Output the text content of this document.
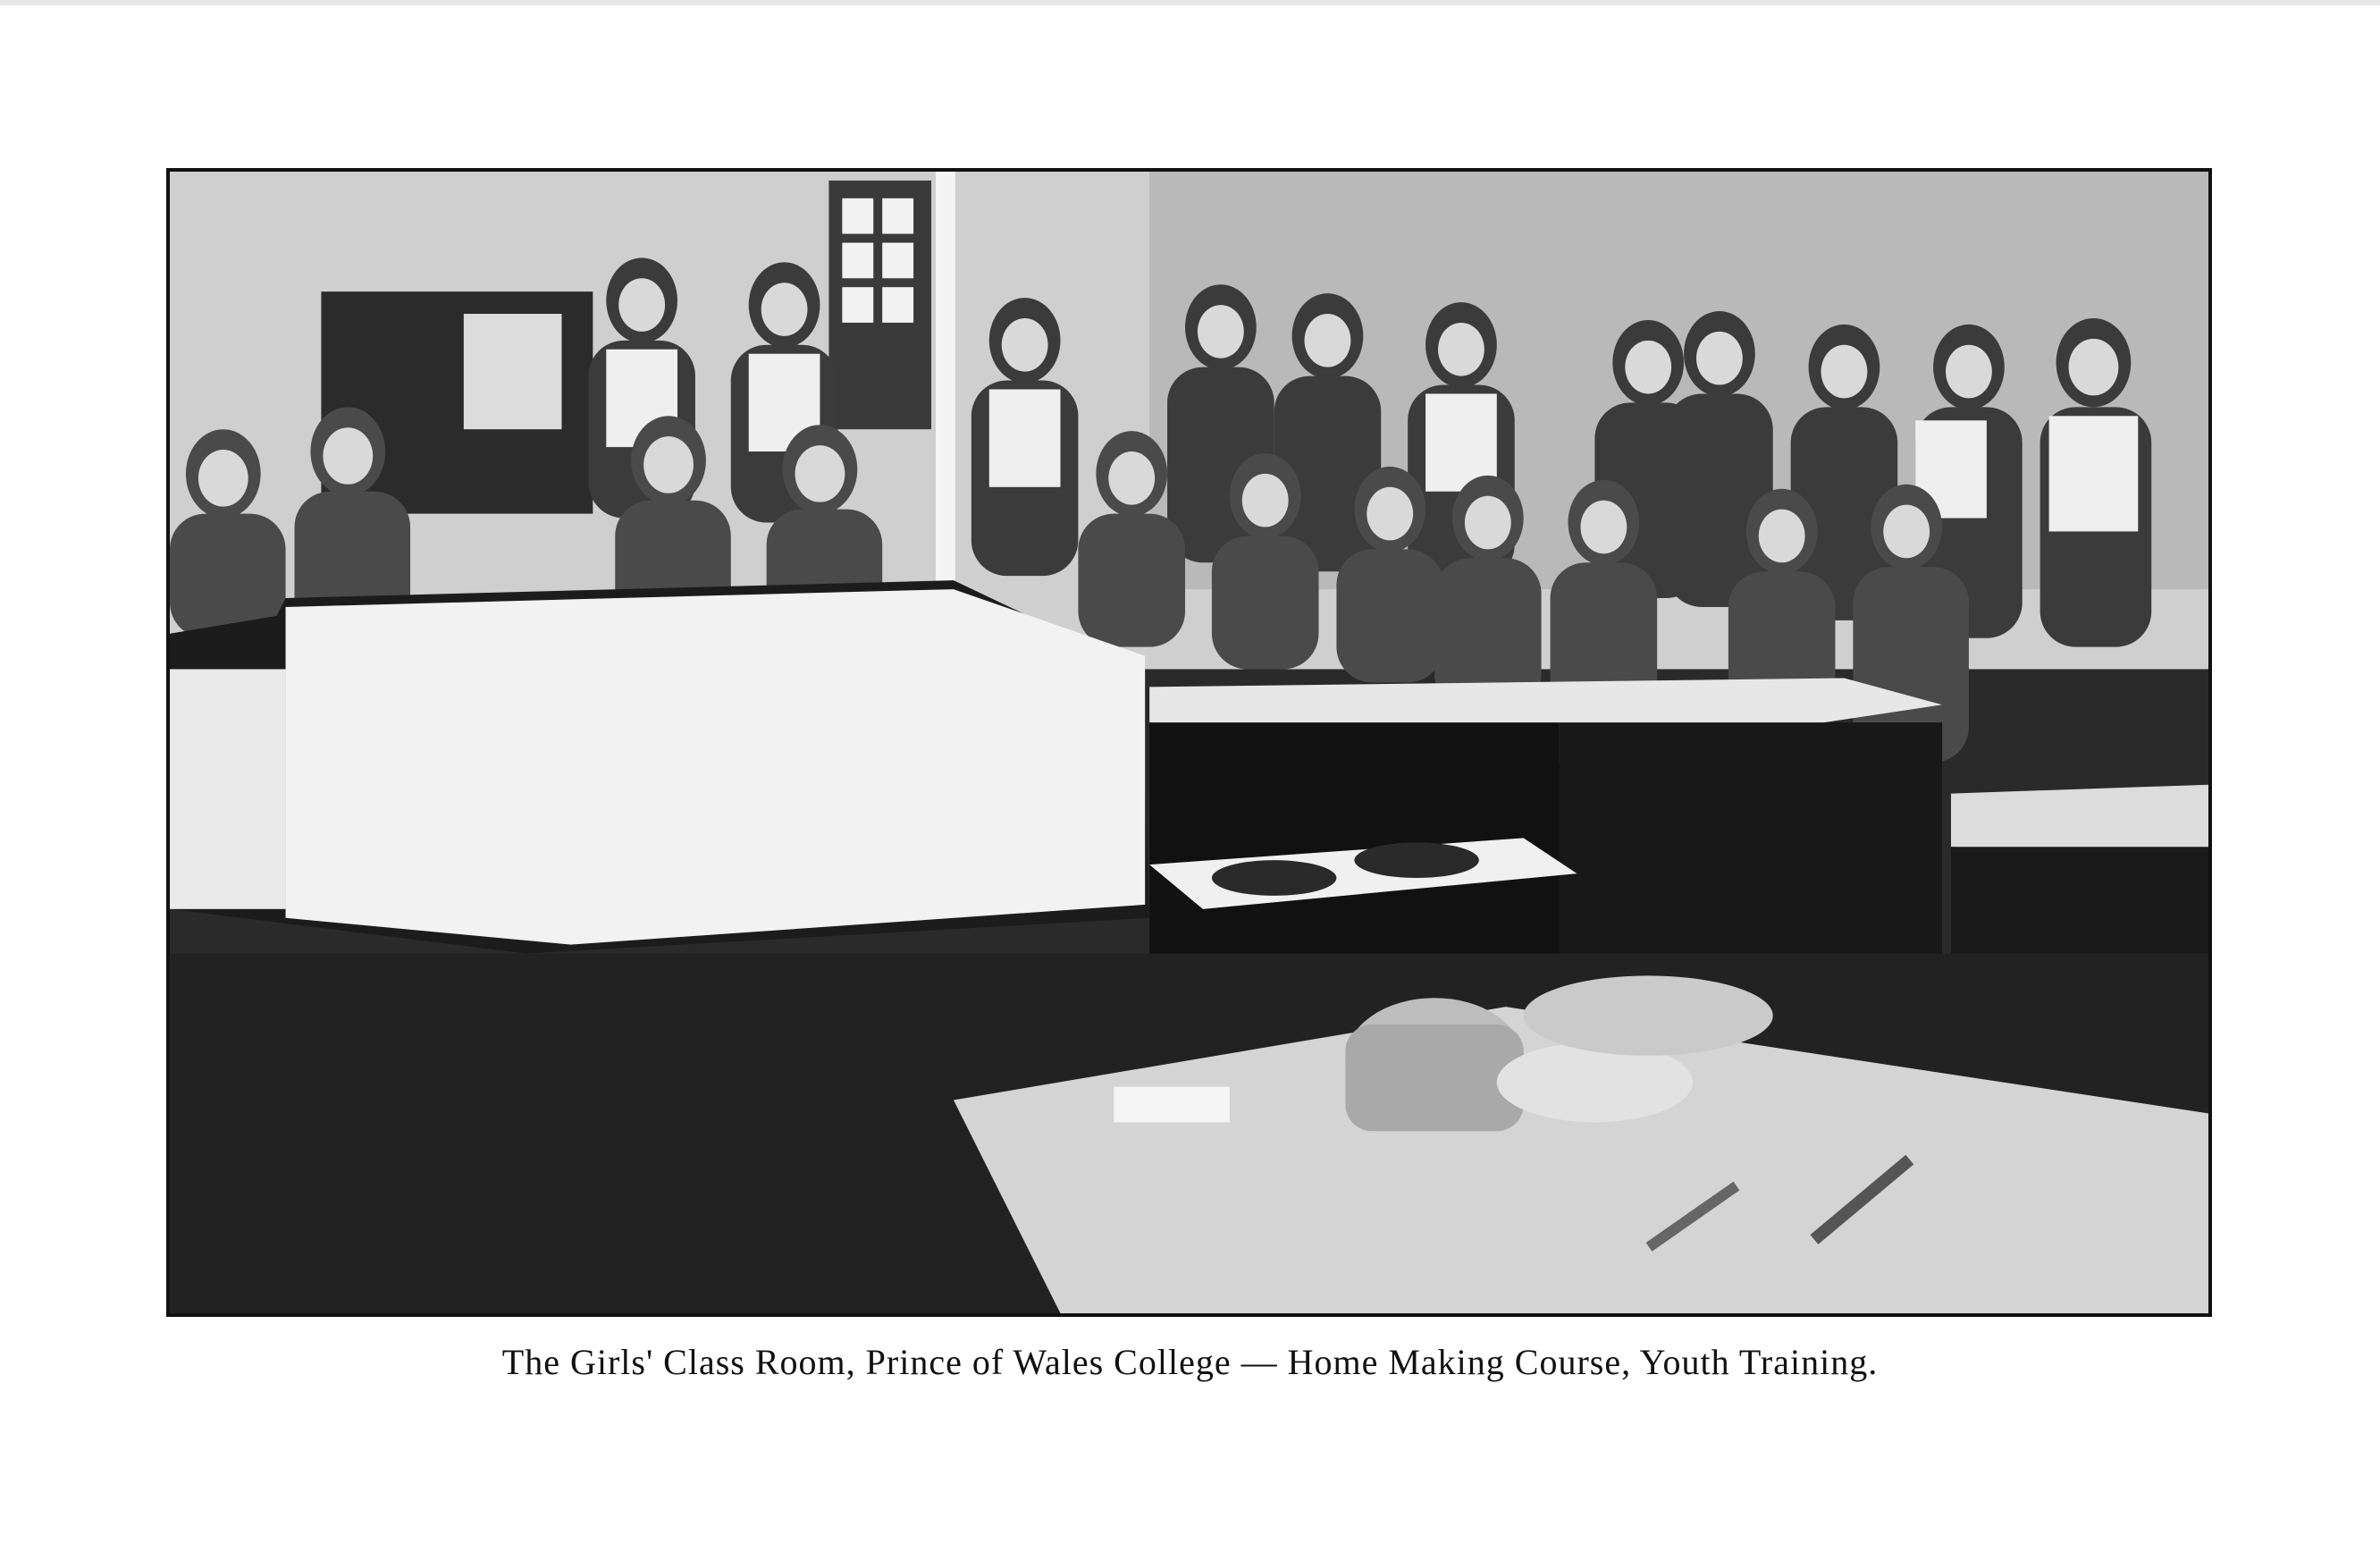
The Girls' Class Room, Prince of Wales College — Home Making Course, Youth Training.
